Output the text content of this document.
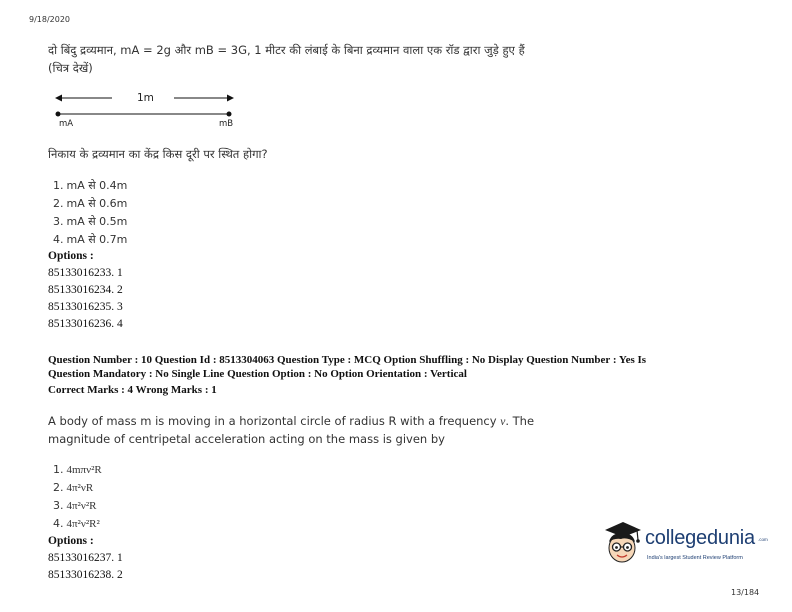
9/18/2020
दो बिंदु द्रव्यमान, mA = 2g और mB = 3G, 1 मीटर की लंबाई के बिना द्रव्यमान वाला एक रॉड द्वारा जुड़े हुए हैं
(चित्र देखें)
1m
mA	mB
निकाय के द्रव्यमान का केंद्र किस दूरी पर स्थित होगा?
1. mA से 0.4m
2. mA से 0.6m
3. mA से 0.5m
4. mA से 0.7m
Options :
85133016233. 1
85133016234. 2
85133016235. 3
85133016236. 4
Question Number : 10 Question Id : 8513304063 Question Type : MCQ Option Shuffling : No Display Question Number : Yes Is
Question Mandatory : No Single Line Question Option : No Option Orientation : Vertical
Correct Marks : 4 Wrong Marks : 1
A body of mass m is moving in a horizontal circle of radius R with a frequency ν. The
magnitude of centripetal acceleration acting on the mass is given by
1. 4mπν²R
2. 4π²νR
3. 4π²ν²R
4. 4π²ν²R²
Options :
85133016237. 1
85133016238. 2
collegedunia .com
India's largest Student Review Platform
13/184
